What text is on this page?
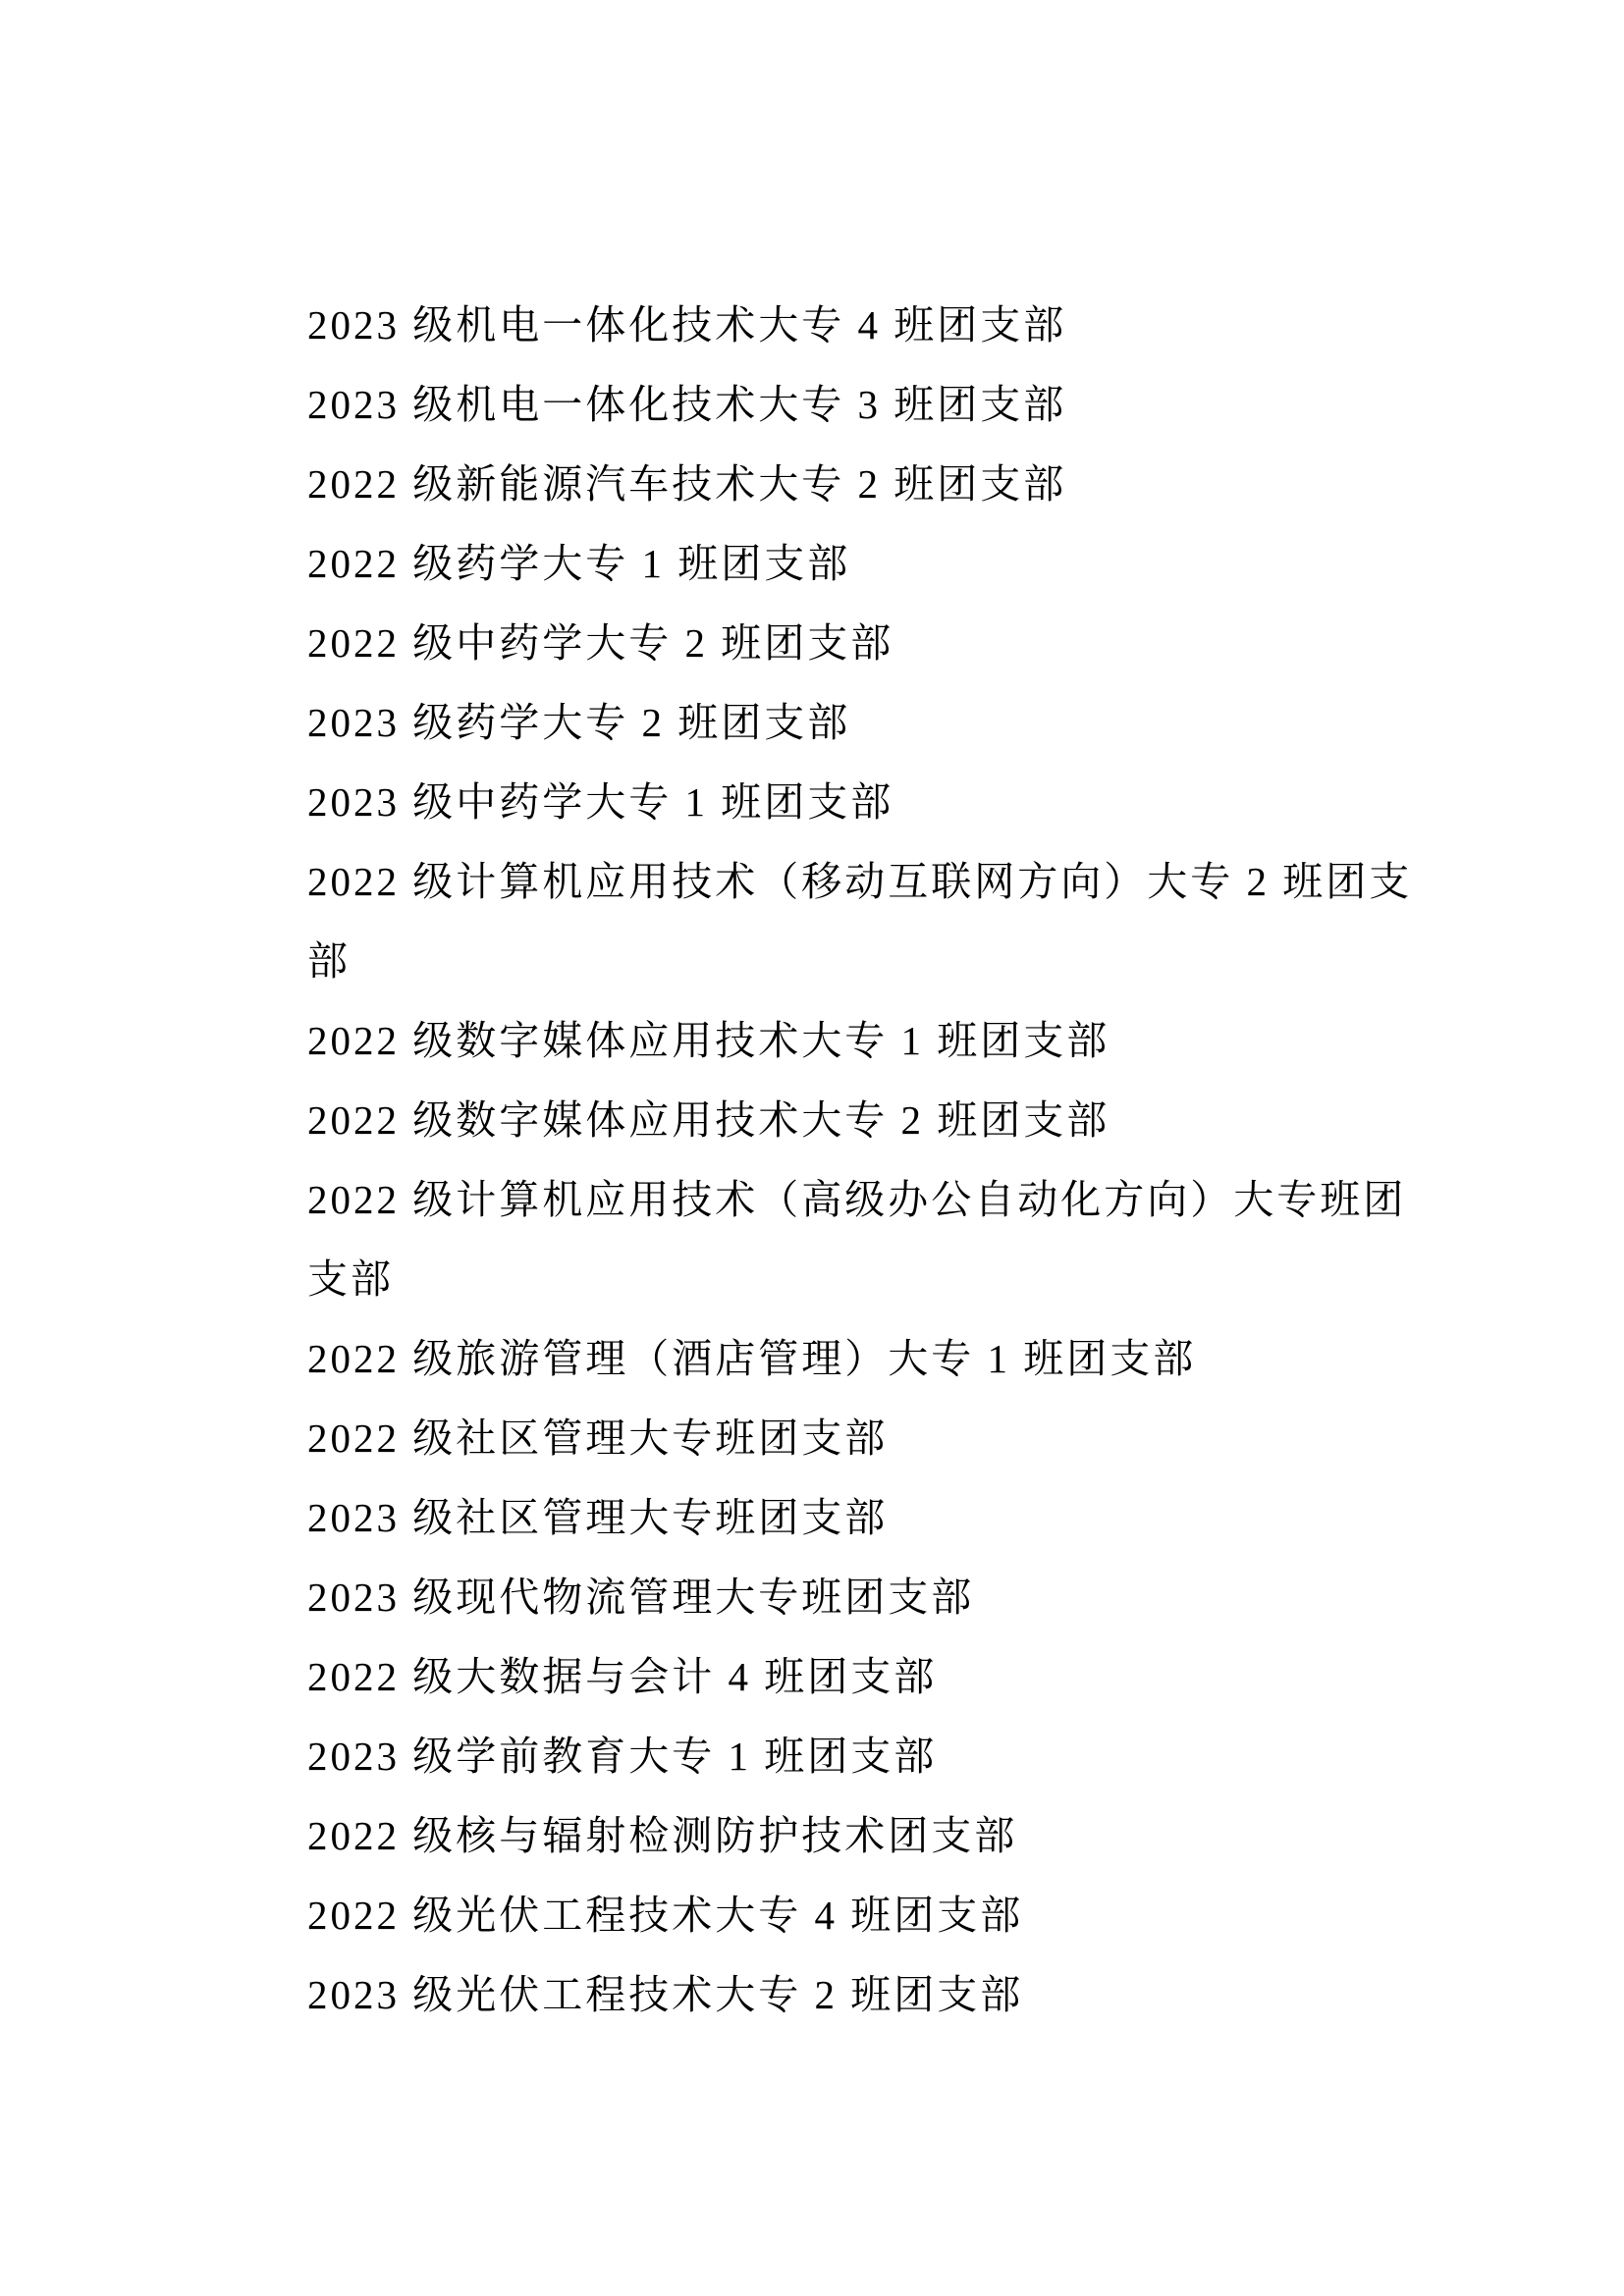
2023 级机电一体化技术大专 4 班团支部
2023 级机电一体化技术大专 3 班团支部
2022 级新能源汽车技术大专 2 班团支部
2022 级药学大专 1 班团支部
2022 级中药学大专 2 班团支部
2023 级药学大专 2 班团支部
2023 级中药学大专 1 班团支部
2022 级计算机应用技术（移动互联网方向）大专 2 班团支
部
2022 级数字媒体应用技术大专 1 班团支部
2022 级数字媒体应用技术大专 2 班团支部
2022 级计算机应用技术（高级办公自动化方向）大专班团
支部
2022 级旅游管理（酒店管理）大专 1 班团支部
2022 级社区管理大专班团支部
2023 级社区管理大专班团支部
2023 级现代物流管理大专班团支部
2022 级大数据与会计 4 班团支部
2023 级学前教育大专 1 班团支部
2022 级核与辐射检测防护技术团支部
2022 级光伏工程技术大专 4 班团支部
2023 级光伏工程技术大专 2 班团支部
